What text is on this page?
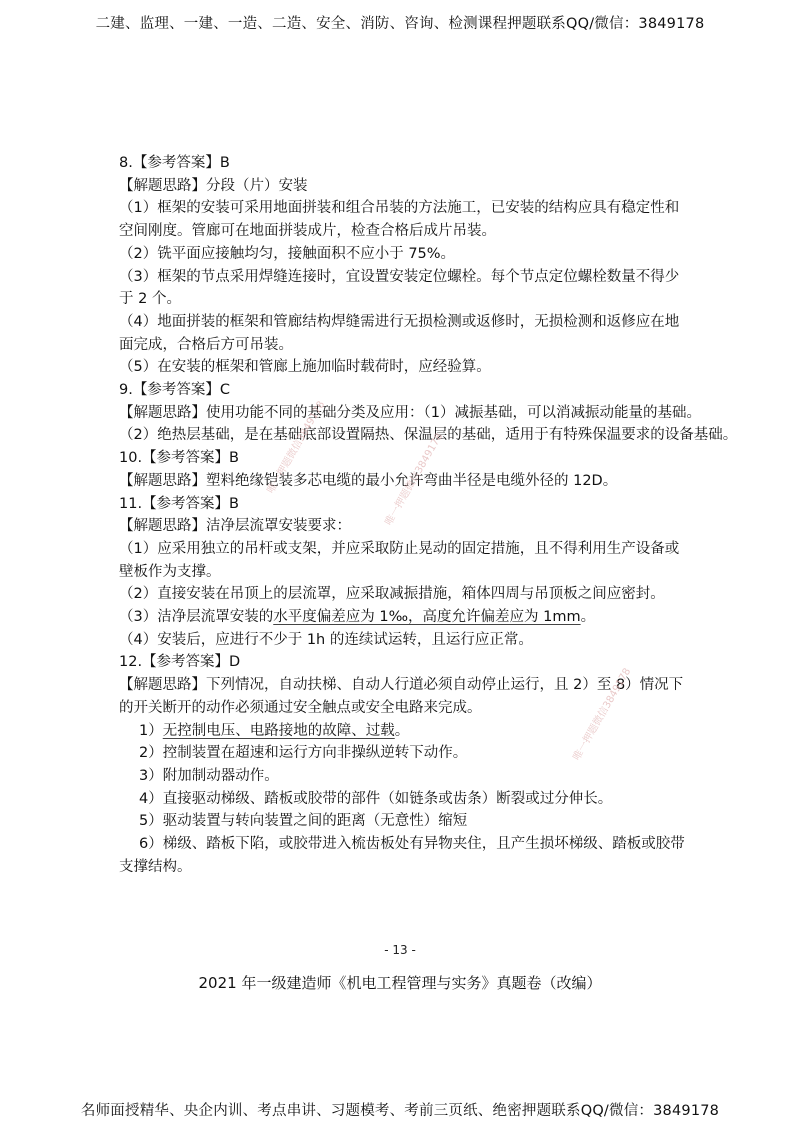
二建、监理、一建、一造、二造、安全、消防、咨询、检测课程押题联系QQ/微信：3849178
8.【参考答案】B
【解题思路】分段（片）安装
（1）框架的安装可采用地面拼装和组合吊装的方法施工，已安装的结构应具有稳定性和空间刚度。管廊可在地面拼装成片，检查合格后成片吊装。
（2）铣平面应接触均匀，接触面积不应小于 75%。
（3）框架的节点采用焊缝连接时，宜设置安装定位螺栓。每个节点定位螺栓数量不得少于 2 个。
（4）地面拼装的框架和管廊结构焊缝需进行无损检测或返修时，无损检测和返修应在地面完成，合格后方可吊装。
（5）在安装的框架和管廊上施加临时载荷时，应经验算。
9.【参考答案】C
【解题思路】使用功能不同的基础分类及应用：（1）减振基础，可以消减振动能量的基础。
（2）绝热层基础，是在基础底部设置隔热、保温层的基础，适用于有特殊保温要求的设备基础。
10.【参考答案】B
【解题思路】塑料绝缘铠装多芯电缆的最小允许弯曲半径是电缆外径的 12D。
11.【参考答案】B
【解题思路】洁净层流罩安装要求：
（1）应采用独立的吊杆或支架，并应采取防止晃动的固定措施，且不得利用生产设备或壁板作为支撑。
（2）直接安装在吊顶上的层流罩，应采取减振措施，箱体四周与吊顶板之间应密封。
（3）洁净层流罩安装的水平度偏差应为 1‰，高度允许偏差应为 1mm。
（4）安装后，应进行不少于 1h 的连续试运转，且运行应正常。
12.【参考答案】D
【解题思路】下列情况，自动扶梯、自动人行道必须自动停止运行，且 2）至 8）情况下的开关断开的动作必须通过安全触点或安全电路来完成。
1）无控制电压、电路接地的故障、过载。
2）控制装置在超速和运行方向非操纵逆转下动作。
3）附加制动器动作。
4）直接驱动梯级、踏板或胶带的部件（如链条或齿条）断裂或过分伸长。
5）驱动装置与转向装置之间的距离（无意性）缩短
6）梯级、踏板下陷，或胶带进入梳齿板处有异物夹住，且产生损坏梯级、踏板或胶带支撑结构。
唯一押题微信3849178
唯一押题微信3849178
唯一押题微信3849178
- 13 -
2021 年一级建造师《机电工程管理与实务》真题卷（改编）
名师面授精华、央企内训、考点串讲、习题模考、考前三页纸、绝密押题联系QQ/微信：3849178
